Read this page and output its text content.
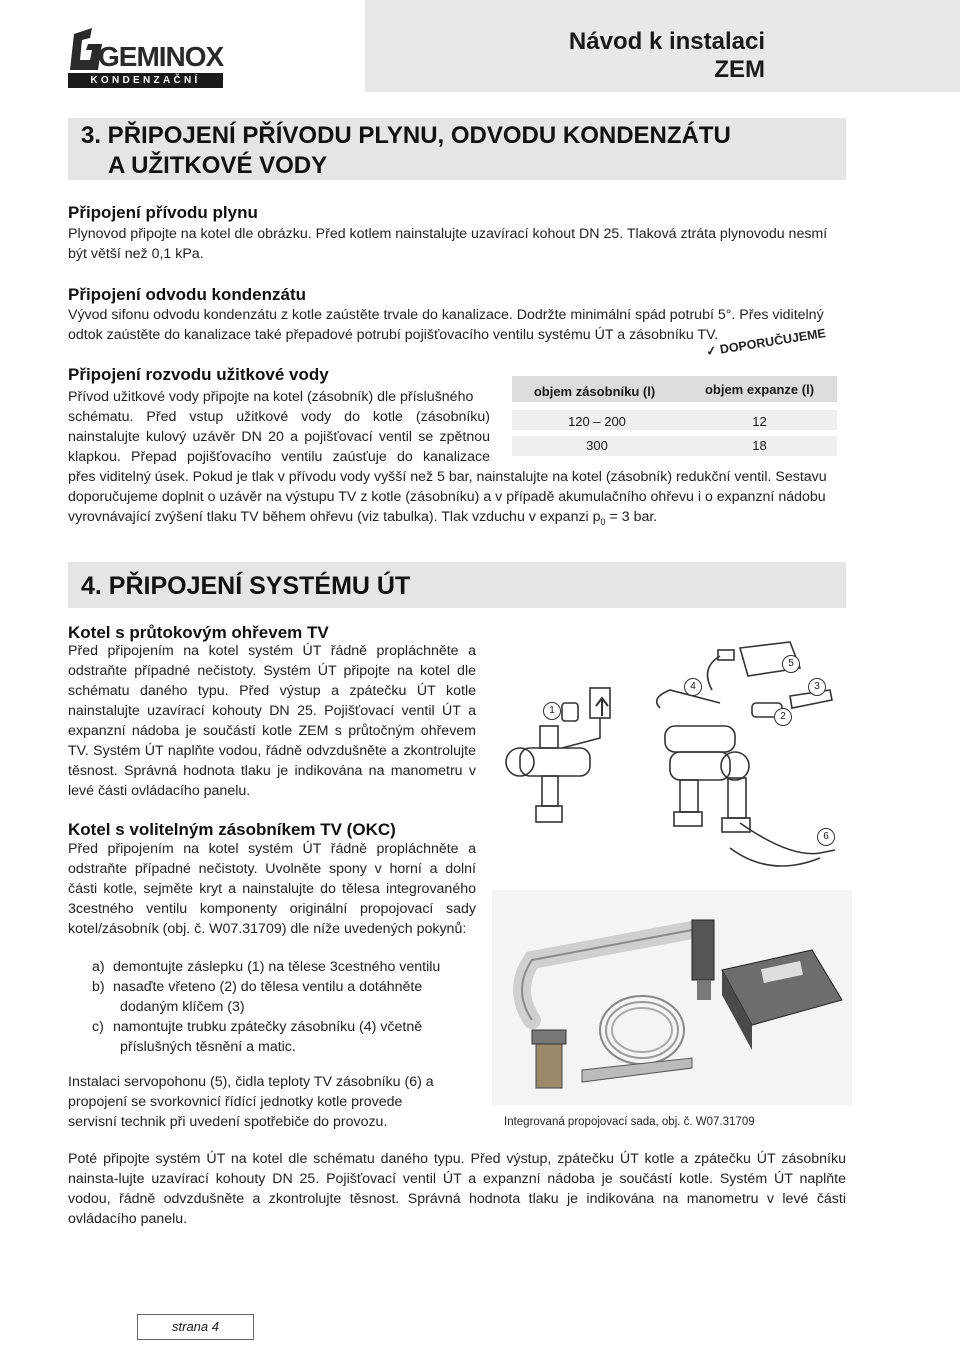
GEMINOX
KONDENZAČNÍ KOTLE
Návod k instalaci ZEM
3. PŘIPOJENÍ PŘÍVODU PLYNU, ODVODU KONDENZÁTU
A UŽITKOVÉ VODY
Připojení přívodu plynu
Plynovod připojte na kotel dle obrázku. Před kotlem nainstalujte uzavírací kohout DN 25. Tlaková ztráta plynovodu nesmí být větší než 0,1 kPa.
Připojení odvodu kondenzátu
Vývod sifonu odvodu kondenzátu z kotle zaústěte trvale do kanalizace. Dodržte minimální spád potrubí 5°. Přes viditelný odtok zaústěte do kanalizace také přepadové potrubí pojišťovacího ventilu systému ÚT a zásobníku TV.
Připojení rozvodu užitkové vody
Přívod užitkové vody připojte na kotel (zásobník) dle příslušného
schématu. Před vstup užitkové vody do kotle (zásobníku)
nainstalujte kulový uzávěr DN 20 a pojišťovací ventil se zpětnou
klapkou. Přepad pojišťovacího ventilu zaúsťuje do kanalizace
přes viditelný úsek. Pokud je tlak v přívodu vody vyšší než 5 bar, nainstalujte na kotel (zásobník) redukční ventil. Sestavu doporučujeme doplnit o uzávěr na výstupu TV z kotle (zásobníku) a v případě akumulačního ohřevu i o expanzní nádobu vyrovnávající zvýšení tlaku TV během ohřevu (viz tabulka). Tlak vzduchu v expanzi $p_0 = 3$ bar.
✓ DOPORUČUJEME
objem zásobníku (l)	objem expanze (l)
120 – 200	12
300	18
4. PŘIPOJENÍ SYSTÉMU ÚT
Kotel s průtokovým ohřevem TV
Před připojením na kotel systém ÚT řádně propláchněte a odstraňte případné nečistoty. Systém ÚT připojte na kotel dle schématu daného typu. Před výstup a zpátečku ÚT kotle nainstalujte uzavírací kohouty DN 25. Pojišťovací ventil ÚT a expanzní nádoba je součástí kotle ZEM s průtočným ohřevem TV. Systém ÚT naplňte vodou, řádně odvzdušněte a zkontrolujte těsnost. Správná hodnota tlaku je indikována na manometru v levé části ovládacího panelu.
Kotel s volitelným zásobníkem TV (OKC)
Před připojením na kotel systém ÚT řádně propláchněte a odstraňte případné nečistoty. Uvolněte spony v horní a dolní části kotle, sejměte kryt a nainstalujte do tělesa integrovaného 3cestného ventilu komponenty originální propojovací sady kotel/zásobník (obj. č. W07.31709) dle níže uvedených pokynů:
a) demontujte záslepku (1) na tělese 3cestného ventilu
b) nasaďte vřeteno (2) do tělesa ventilu a dotáhněte
dodaným klíčem (3)
c) namontujte trubku zpátečky zásobníku (4) včetně
příslušných těsnění a matic.
Instalaci servopohonu (5), čidla teploty TV zásobníku (6) a propojení se svorkovnicí řídící jednotky kotle provede servisní technik při uvedení spotřebiče do provozu.
1
2
3
4
5
6
Integrovaná propojovací sada, obj. č. W07.31709
Poté připojte systém ÚT na kotel dle schématu daného typu. Před výstup, zpátečku ÚT kotle a zpátečku ÚT zásobníku nainsta-lujte uzavírací kohouty DN 25. Pojišťovací ventil ÚT a expanzní nádoba je součástí kotle. Systém ÚT naplňte vodou, řádně odvzdušněte a zkontrolujte těsnost. Správná hodnota tlaku je indikována na manometru v levé části ovládacího panelu.
strana 4
